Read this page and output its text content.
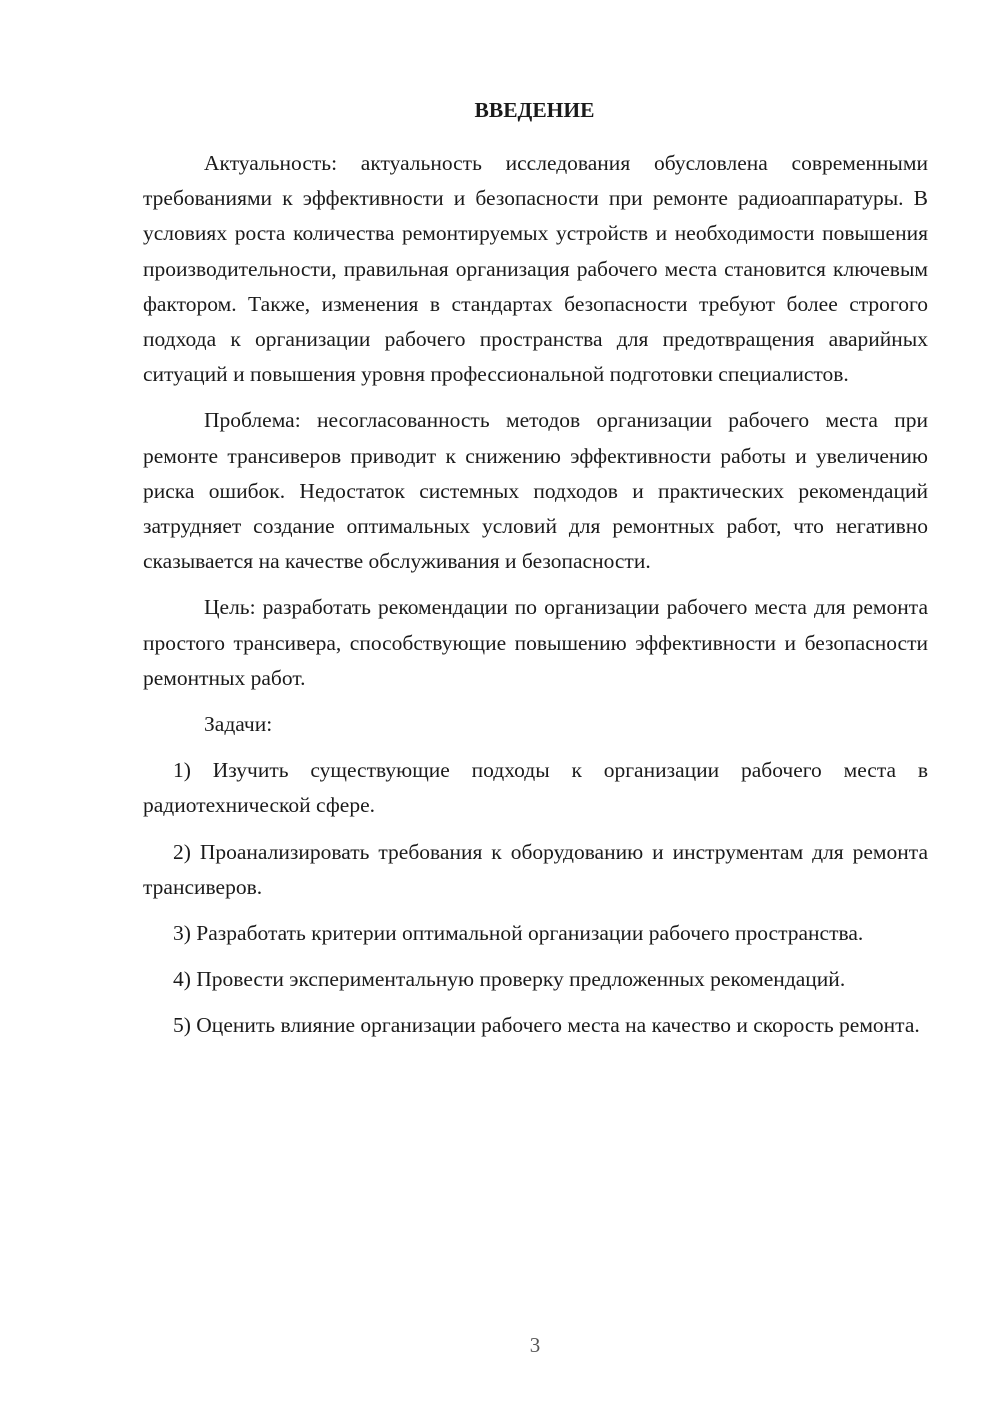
ВВЕДЕНИЕ

Актуальность: актуальность исследования обусловлена современными требованиями к эффективности и безопасности при ремонте радиоаппаратуры. В условиях роста количества ремонтируемых устройств и необходимости повышения производительности, правильная организация рабочего места становится ключевым фактором. Также, изменения в стандартах безопасности требуют более строгого подхода к организации рабочего пространства для предотвращения аварийных ситуаций и повышения уровня профессиональной подготовки специалистов.

Проблема: несогласованность методов организации рабочего места при ремонте трансиверов приводит к снижению эффективности работы и увеличению риска ошибок. Недостаток системных подходов и практических рекомендаций затрудняет создание оптимальных условий для ремонтных работ, что негативно сказывается на качестве обслуживания и безопасности.

Цель: разработать рекомендации по организации рабочего места для ремонта простого трансивера, способствующие повышению эффективности и безопасности ремонтных работ.

Задачи:

1) Изучить существующие подходы к организации рабочего места в радиотехнической сфере.

2) Проанализировать требования к оборудованию и инструментам для ремонта трансиверов.

3) Разработать критерии оптимальной организации рабочего пространства.

4) Провести экспериментальную проверку предложенных рекомендаций.

5) Оценить влияние организации рабочего места на качество и скорость ремонта.

3
